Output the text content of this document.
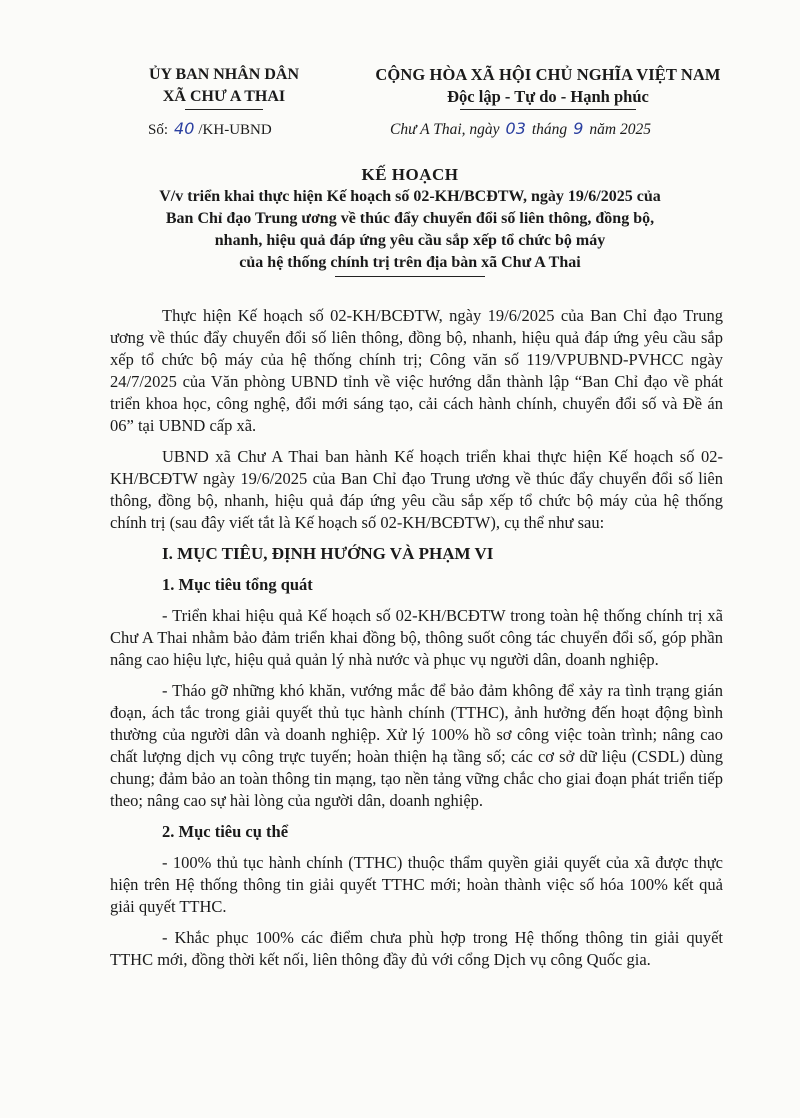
ỦY BAN NHÂN DÂN
XÃ CHƯ A THAI
CỘNG HÒA XÃ HỘI CHỦ NGHĨA VIỆT NAM
Độc lập - Tự do - Hạnh phúc
Số: 40 /KH-UBND	Chư A Thai, ngày 03 tháng 9 năm 2025
KẾ HOẠCH
V/v triển khai thực hiện Kế hoạch số 02-KH/BCĐTW, ngày 19/6/2025 của
Ban Chỉ đạo Trung ương về thúc đẩy chuyển đổi số liên thông, đồng bộ,
nhanh, hiệu quả đáp ứng yêu cầu sắp xếp tổ chức bộ máy
của hệ thống chính trị trên địa bàn xã Chư A Thai

Thực hiện Kế hoạch số 02-KH/BCĐTW, ngày 19/6/2025 của Ban Chỉ đạo Trung ương về thúc đẩy chuyển đổi số liên thông, đồng bộ, nhanh, hiệu quả đáp ứng yêu cầu sắp xếp tổ chức bộ máy của hệ thống chính trị; Công văn số 119/VPUBND-PVHCC ngày 24/7/2025 của Văn phòng UBND tỉnh về việc hướng dẫn thành lập “Ban Chỉ đạo về phát triển khoa học, công nghệ, đổi mới sáng tạo, cải cách hành chính, chuyển đổi số và Đề án 06” tại UBND cấp xã.

UBND xã Chư A Thai ban hành Kế hoạch triển khai thực hiện Kế hoạch số 02-KH/BCĐTW ngày 19/6/2025 của Ban Chỉ đạo Trung ương về thúc đẩy chuyển đổi số liên thông, đồng bộ, nhanh, hiệu quả đáp ứng yêu cầu sắp xếp tổ chức bộ máy của hệ thống chính trị (sau đây viết tắt là Kế hoạch số 02-KH/BCĐTW), cụ thể như sau:

I. MỤC TIÊU, ĐỊNH HƯỚNG VÀ PHẠM VI
1. Mục tiêu tổng quát

- Triển khai hiệu quả Kế hoạch số 02-KH/BCĐTW trong toàn hệ thống chính trị xã Chư A Thai nhằm bảo đảm triển khai đồng bộ, thông suốt công tác chuyển đổi số, góp phần nâng cao hiệu lực, hiệu quả quản lý nhà nước và phục vụ người dân, doanh nghiệp.

- Tháo gỡ những khó khăn, vướng mắc để bảo đảm không để xảy ra tình trạng gián đoạn, ách tắc trong giải quyết thủ tục hành chính (TTHC), ảnh hưởng đến hoạt động bình thường của người dân và doanh nghiệp. Xử lý 100% hồ sơ công việc toàn trình; nâng cao chất lượng dịch vụ công trực tuyến; hoàn thiện hạ tầng số; các cơ sở dữ liệu (CSDL) dùng chung; đảm bảo an toàn thông tin mạng, tạo nền tảng vững chắc cho giai đoạn phát triển tiếp theo; nâng cao sự hài lòng của người dân, doanh nghiệp.

2. Mục tiêu cụ thể

- 100% thủ tục hành chính (TTHC) thuộc thẩm quyền giải quyết của xã được thực hiện trên Hệ thống thông tin giải quyết TTHC mới; hoàn thành việc số hóa 100% kết quả giải quyết TTHC.

- Khắc phục 100% các điểm chưa phù hợp trong Hệ thống thông tin giải quyết TTHC mới, đồng thời kết nối, liên thông đầy đủ với cổng Dịch vụ công Quốc gia.
